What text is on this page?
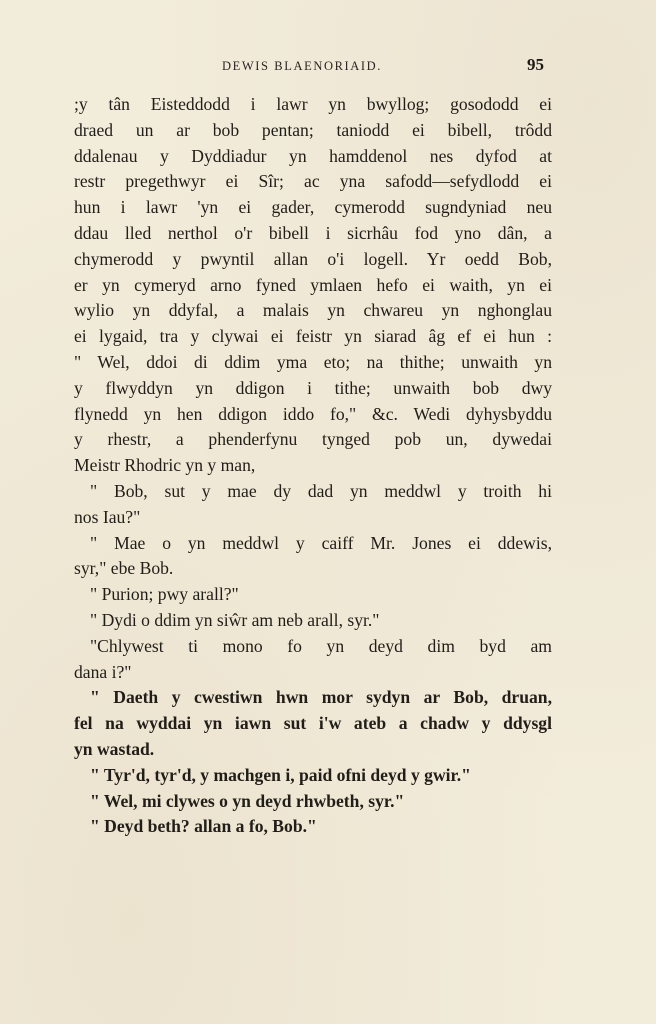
DEWIS BLAENORIAID.	95
;y tân Eisteddodd i lawr yn bwyllog; gosododd ei
draed un ar bob pentan; taniodd ei bibell, trôdd
ddalenau y Dyddiadur yn hamddenol nes dyfod at
restr pregethwyr ei Sîr; ac yna safodd—sefydlodd ei
hun i lawr 'yn ei gader, cymerodd sugndyniad neu
ddau lled nerthol o'r bibell i sicrhâu fod yno dân, a
chymerodd y pwyntil allan o'i logell. Yr oedd Bob,
er yn cymeryd arno fyned ymlaen hefo ei waith, yn ei
wylio yn ddyfal, a malais yn chwareu yn nghonglau
ei lygaid, tra y clywai ei feistr yn siarad âg ef ei hun :
" Wel, ddoi di ddim yma eto; na thithe; unwaith yn
y flwyddyn yn ddigon i tithe; unwaith bob dwy
flynedd yn hen ddigon iddo fo," &c. Wedi dyhysbyddu
y rhestr, a phenderfynu tynged pob un, dywedai
Meistr Rhodric yn y man,
" Bob, sut y mae dy dad yn meddwl y troith hi
nos Iau?"
" Mae o yn meddwl y caiff Mr. Jones ei ddewis,
syr," ebe Bob.
" Purion; pwy arall?"
" Dydi o ddim yn siŵr am neb arall, syr."
"Chlywest ti mono fo yn deyd dim byd am
dana i?"
" Daeth y cwestiwn hwn mor sydyn ar Bob, druan,
fel na wyddai yn iawn sut i'w ateb a chadw y ddysgl
yn wastad.
" Tyr'd, tyr'd, y machgen i, paid ofni deyd y gwir."
" Wel, mi clywes o yn deyd rhwbeth, syr."
" Deyd beth? allan a fo, Bob."
